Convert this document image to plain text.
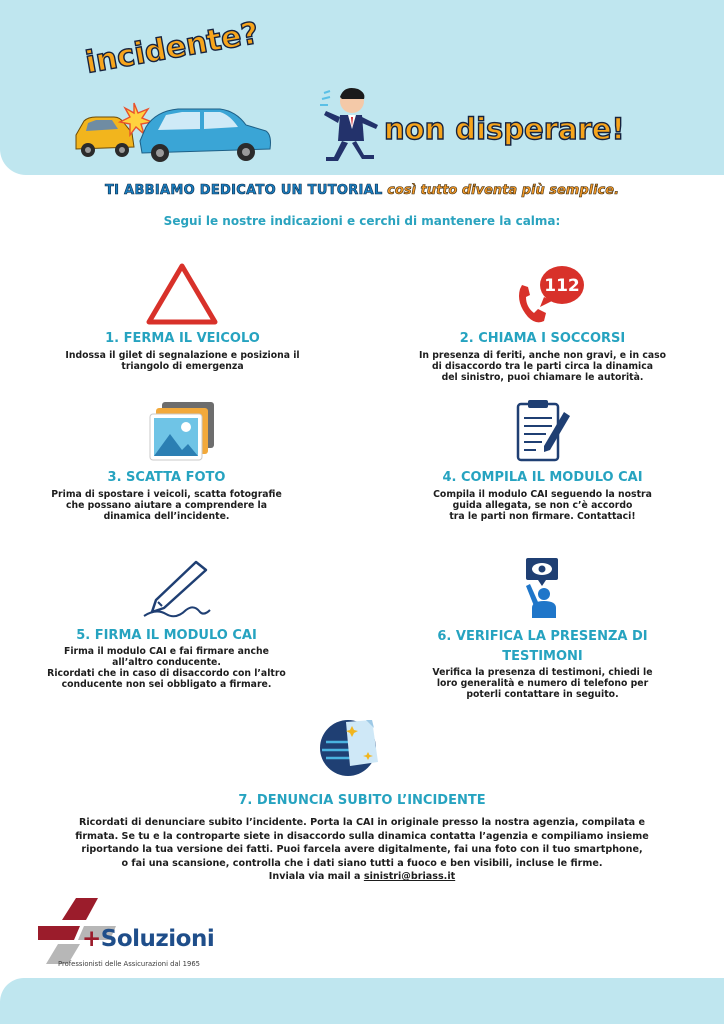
incidente?
non disperare!
TI ABBIAMO DEDICATO UN TUTORIAL così tutto diventa più semplice.
Segui le nostre indicazioni e cerchi di mantenere la calma:
1. FERMA IL VEICOLO
Indossa il gilet di segnalazione e posiziona il
triangolo di emergenza
112
2. CHIAMA I SOCCORSI
In presenza di feriti, anche non gravi, e in caso
di disaccordo tra le parti circa la dinamica
del sinistro, puoi chiamare le autorità.
3. SCATTA FOTO
Prima di spostare i veicoli, scatta fotografie
che possano aiutare a comprendere la
dinamica dell’incidente.
4. COMPILA IL MODULO CAI
Compila il modulo CAI seguendo la nostra
guida allegata, se non c’è accordo
tra le parti non firmare. Contattaci!
5. FIRMA IL MODULO CAI
Firma il modulo CAI e fai firmare anche
all’altro conducente.
Ricordati che in caso di disaccordo con l’altro
conducente non sei obbligato a firmare.
6. VERIFICA LA PRESENZA DI
TESTIMONI
Verifica la presenza di testimoni, chiedi le
loro generalità e numero di telefono per
poterli contattare in seguito.
7. DENUNCIA SUBITO L’INCIDENTE
Ricordati di denunciare subito l’incidente. Porta la CAI in originale presso la nostra agenzia, compilata e
firmata. Se tu e la controparte siete in disaccordo sulla dinamica contatta l’agenzia e compiliamo insieme
riportando la tua versione dei fatti. Puoi farcela avere digitalmente, fai una foto con il tuo smartphone,
o fai una scansione, controlla che i dati siano tutti a fuoco e ben visibili, incluse le firme.
Inviala via mail a sinistri@briass.it
+Soluzioni
Professionisti delle Assicurazioni dal 1965
